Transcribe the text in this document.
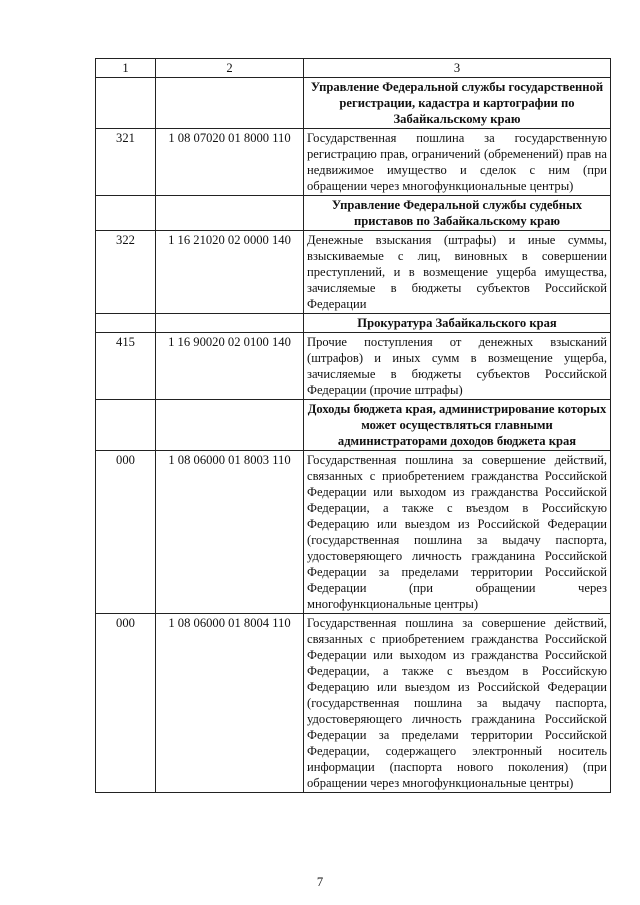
1	2	3
		Управление Федеральной службы государственной регистрации, кадастра и картографии по Забайкальскому краю
321	1 08 07020 01 8000 110	Государственная пошлина за государственную регистрацию прав, ограничений (обременений) прав на недвижимое имущество и сделок с ним (при обращении через многофункциональные центры)
		Управление Федеральной службы судебных приставов по Забайкальскому краю
322	1 16 21020 02 0000 140	Денежные взыскания (штрафы) и иные суммы, взыскиваемые с лиц, виновных в совершении преступлений, и в возмещение ущерба имущества, зачисляемые в бюджеты субъектов Российской Федерации
		Прокуратура Забайкальского края
415	1 16 90020 02 0100 140	Прочие поступления от денежных взысканий (штрафов) и иных сумм в возмещение ущерба, зачисляемые в бюджеты субъектов Российской Федерации (прочие штрафы)
		Доходы бюджета края, администрирование которых может осуществляться главными администраторами доходов бюджета края
000	1 08 06000 01 8003 110	Государственная пошлина за совершение действий, связанных с приобретением гражданства Российской Федерации или выходом из гражданства Российской Федерации, а также с въездом в Российскую Федерацию или выездом из Российской Федерации (государственная пошлина за выдачу паспорта, удостоверяющего личность гражданина Российской Федерации за пределами территории Российской Федерации (при обращении через многофункциональные центры)
000	1 08 06000 01 8004 110	Государственная пошлина за совершение действий, связанных с приобретением гражданства Российской Федерации или выходом из гражданства Российской Федерации, а также с въездом в Российскую Федерацию или выездом из Российской Федерации (государственная пошлина за выдачу паспорта, удостоверяющего личность гражданина Российской Федерации за пределами территории Российской Федерации, содержащего электронный носитель информации (паспорта нового поколения) (при обращении через многофункциональные центры)
7
